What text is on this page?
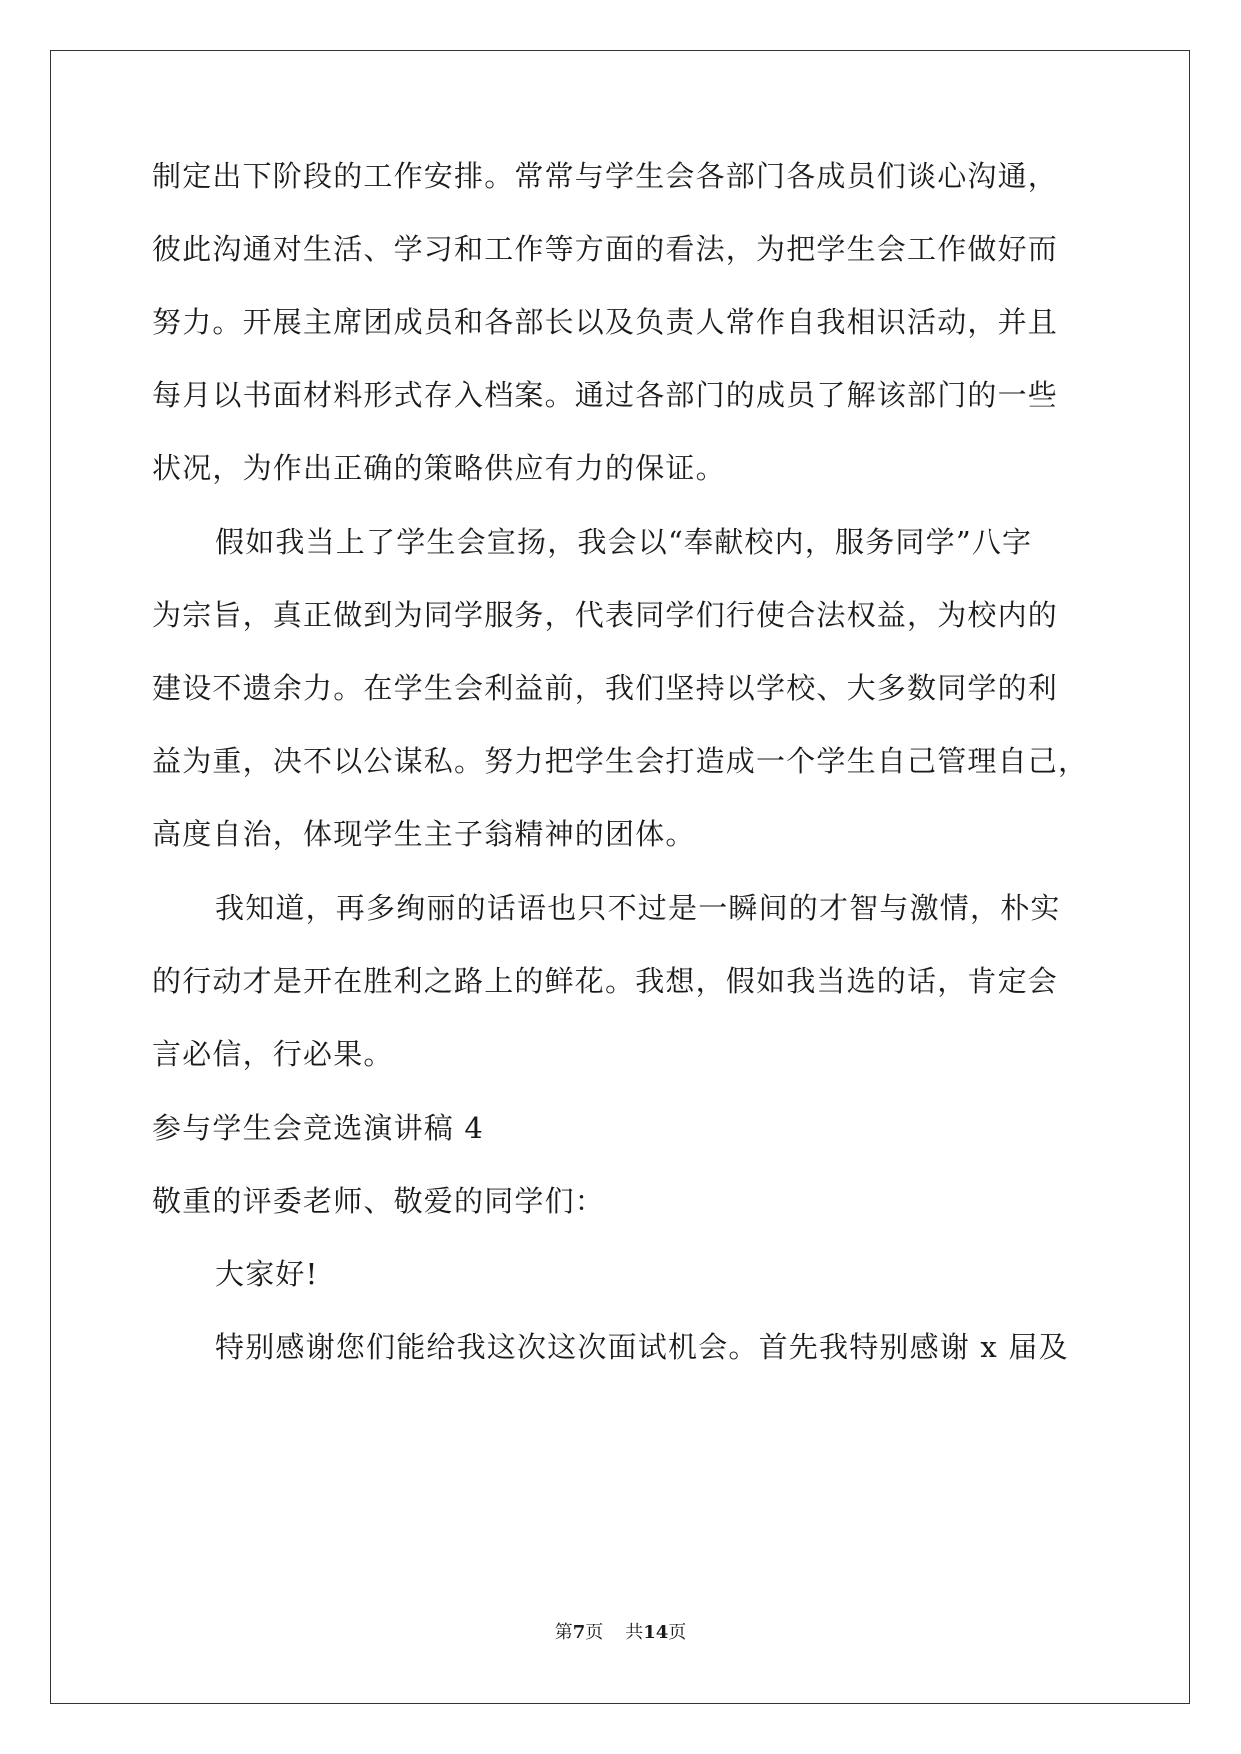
制定出下阶段的工作安排。常常与学生会各部门各成员们谈心沟通，
彼此沟通对生活、学习和工作等方面的看法，为把学生会工作做好而
努力。开展主席团成员和各部长以及负责人常作自我相识活动，并且
每月以书面材料形式存入档案。通过各部门的成员了解该部门的一些
状况，为作出正确的策略供应有力的保证。
假如我当上了学生会宣扬，我会以“奉献校内，服务同学”八字
为宗旨，真正做到为同学服务，代表同学们行使合法权益，为校内的
建设不遗余力。在学生会利益前，我们坚持以学校、大多数同学的利
益为重，决不以公谋私。努力把学生会打造成一个学生自己管理自己，
高度自治，体现学生主子翁精神的团体。
我知道，再多绚丽的话语也只不过是一瞬间的才智与激情，朴实
的行动才是开在胜利之路上的鲜花。我想，假如我当选的话，肯定会
言必信，行必果。
参与学生会竞选演讲稿 4
敬重的评委老师、敬爱的同学们：
大家好!
特别感谢您们能给我这次这次面试机会。首先我特别感谢 x 届及
第7页 共14页
